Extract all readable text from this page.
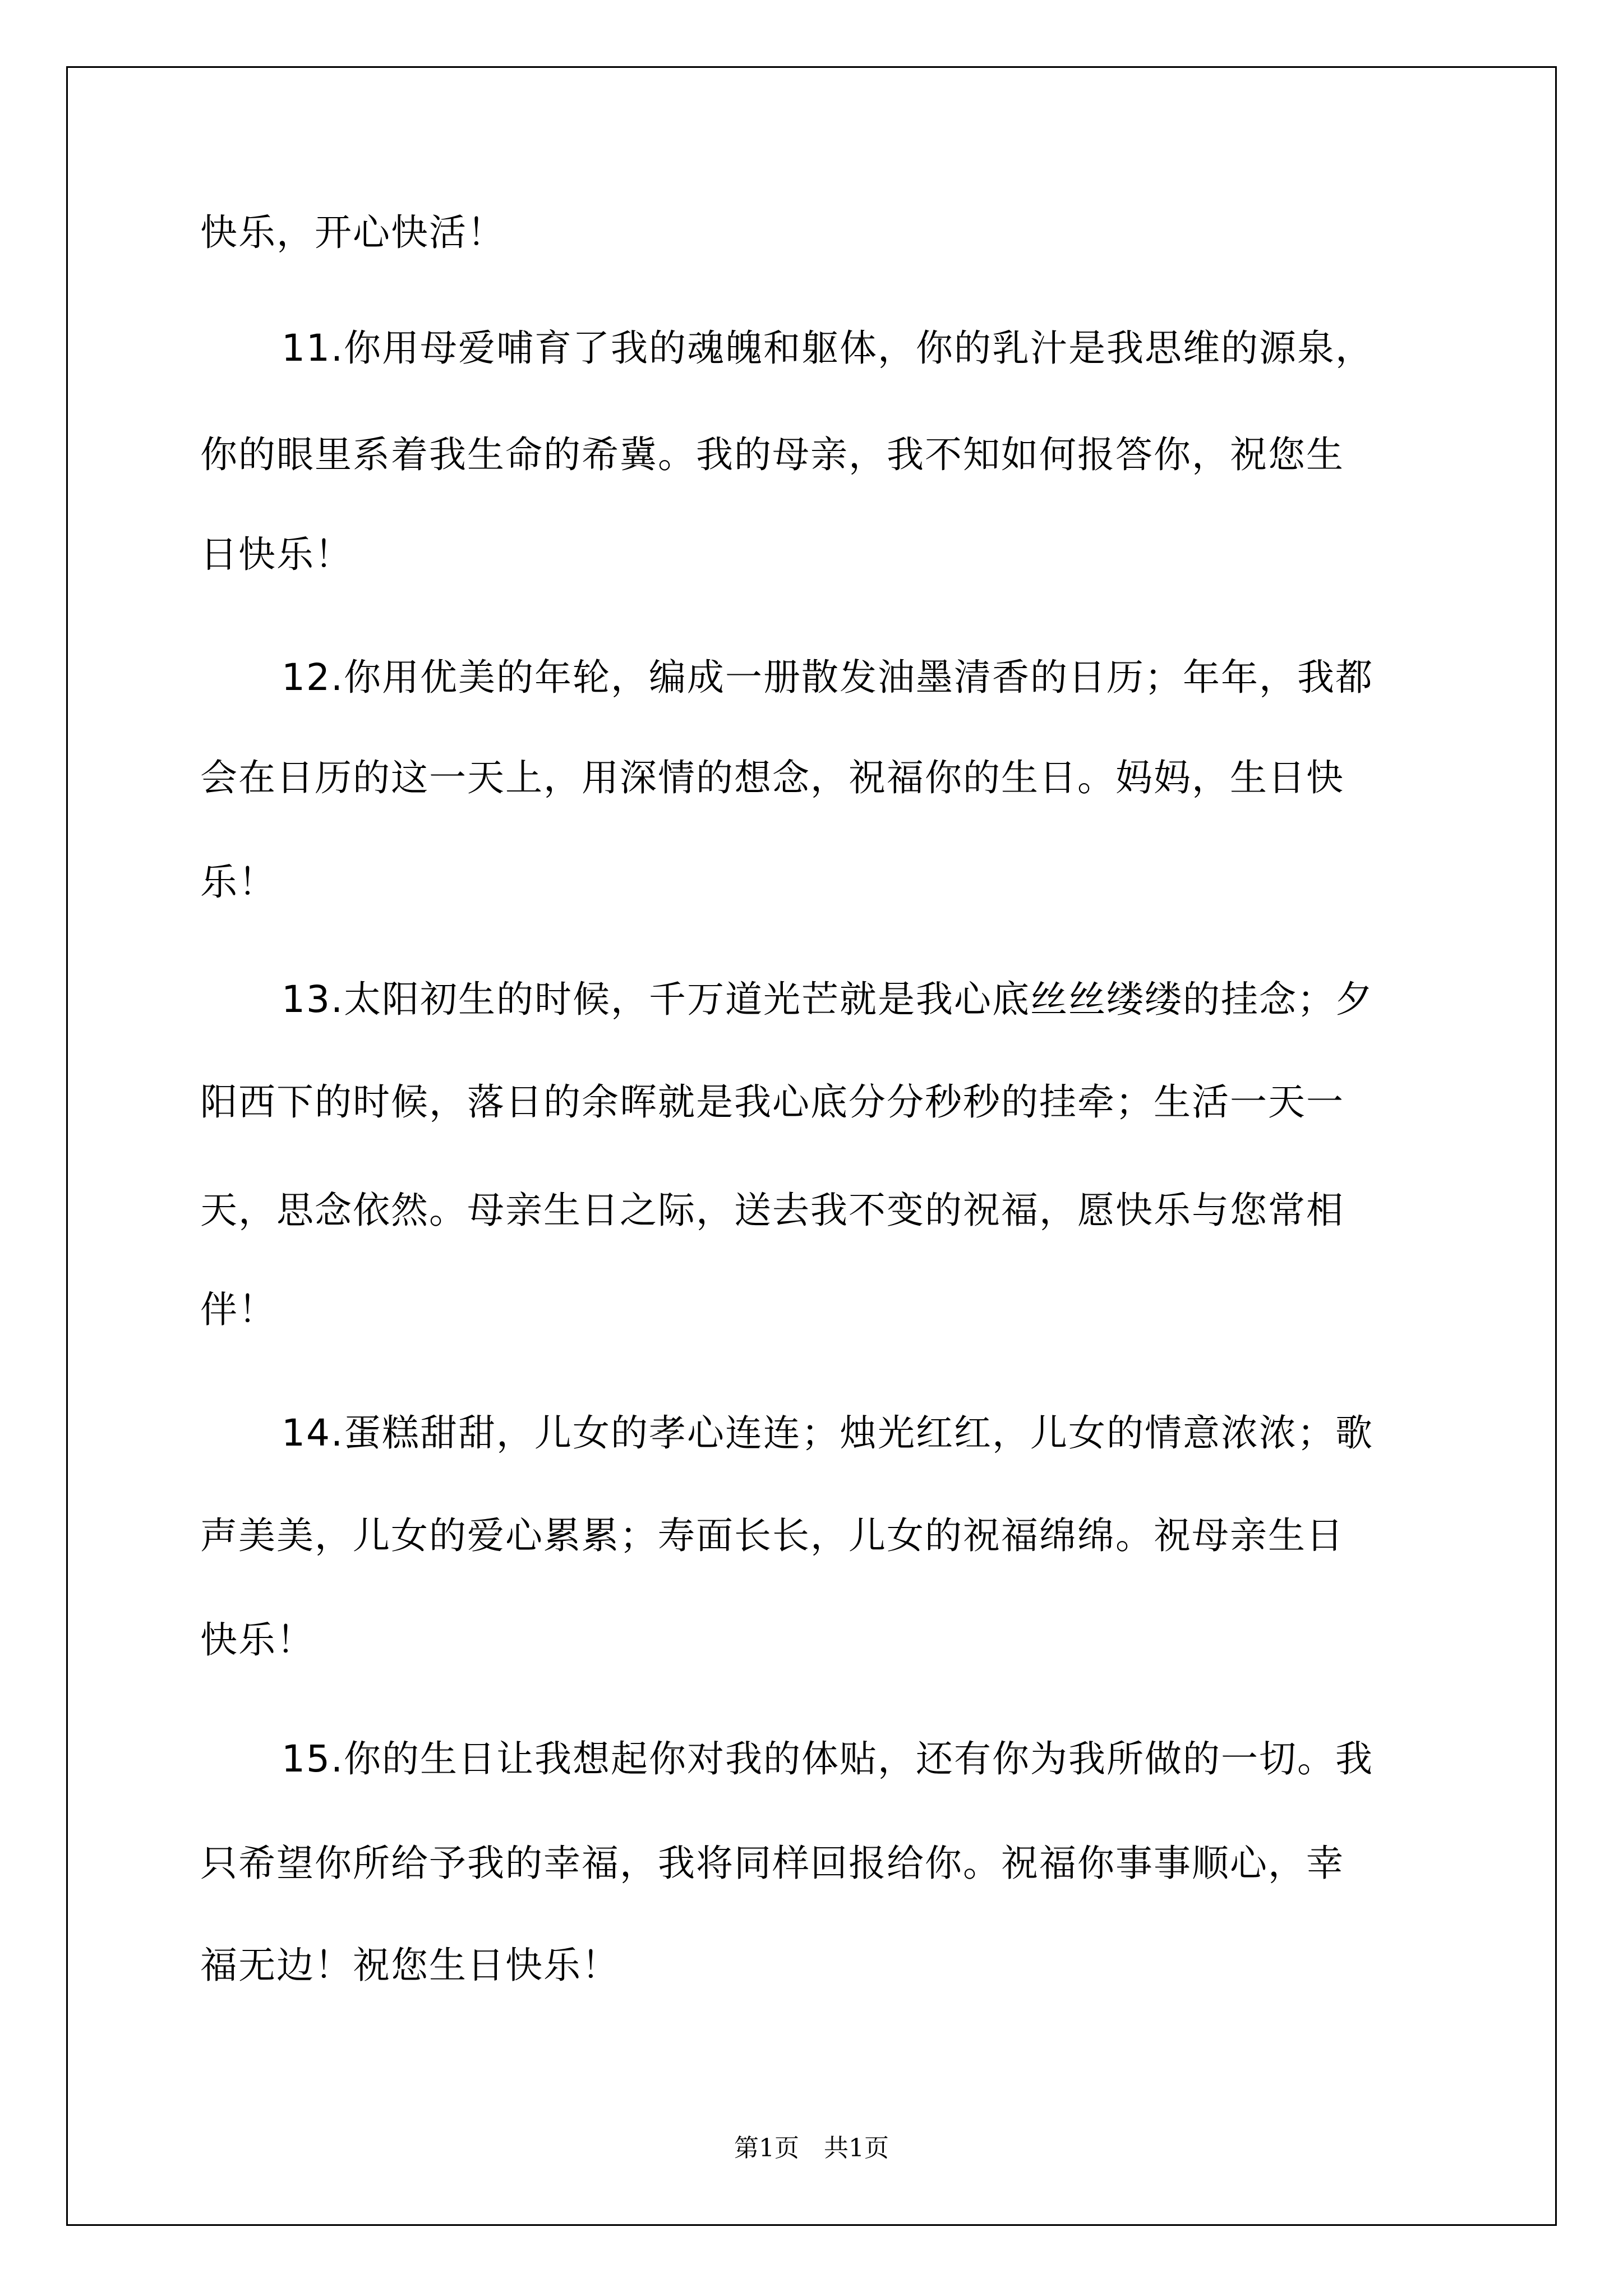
快乐，开心快活！
11.你用母爱哺育了我的魂魄和躯体，你的乳汁是我思维的源泉，
你的眼里系着我生命的希冀。我的母亲，我不知如何报答你，祝您生
日快乐！
12.你用优美的年轮，编成一册散发油墨清香的日历；年年，我都
会在日历的这一天上，用深情的想念，祝福你的生日。妈妈，生日快
乐！
13.太阳初生的时候，千万道光芒就是我心底丝丝缕缕的挂念；夕
阳西下的时候，落日的余晖就是我心底分分秒秒的挂牵；生活一天一
天，思念依然。母亲生日之际，送去我不变的祝福，愿快乐与您常相
伴！
14.蛋糕甜甜，儿女的孝心连连；烛光红红，儿女的情意浓浓；歌
声美美，儿女的爱心累累；寿面长长，儿女的祝福绵绵。祝母亲生日
快乐！
15.你的生日让我想起你对我的体贴，还有你为我所做的一切。我
只希望你所给予我的幸福，我将同样回报给你。祝福你事事顺心，幸
福无边！祝您生日快乐！
第1页　共1页
